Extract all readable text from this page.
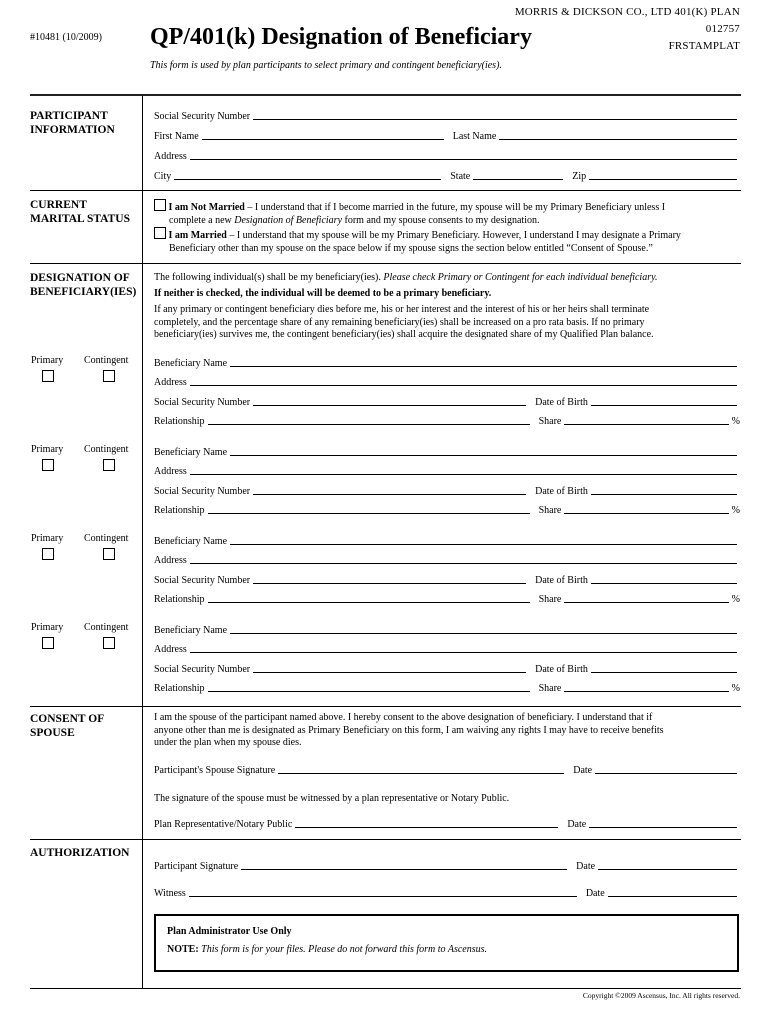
MORRIS & DICKSON CO., LTD 401(K) PLAN
012757
FRSTAMPLAT
#10481 (10/2009) QP/401(k) Designation of Beneficiary
This form is used by plan participants to select primary and contingent beneficiary(ies).
PARTICIPANT
INFORMATION
Social Security Number
First Name	Last Name
Address
City	State	Zip
CURRENT
MARITAL STATUS
I am Not Married – I understand that if I become married in the future, my spouse will be my Primary Beneficiary unless I
complete a new Designation of Beneficiary form and my spouse consents to my designation.
I am Married – I understand that my spouse will be my Primary Beneficiary. However, I understand I may designate a Primary
Beneficiary other than my spouse on the space below if my spouse signs the section below entitled “Consent of Spouse.”
DESIGNATION OF
BENEFICIARY(IES)
The following individual(s) shall be my beneficiary(ies). Please check Primary or Contingent for each individual beneficiary.
If neither is checked, the individual will be deemed to be a primary beneficiary.
If any primary or contingent beneficiary dies before me, his or her interest and the interest of his or her heirs shall terminate
completely, and the percentage share of any remaining beneficiary(ies) shall be increased on a pro rata basis. If no primary
beneficiary(ies) survives me, the contingent beneficiary(ies) shall acquire the designated share of my Qualified Plan balance.
Primary Contingent	Beneficiary Name
Address
Social Security Number	Date of Birth
Relationship	Share	%
Primary Contingent	Beneficiary Name
Address
Social Security Number	Date of Birth
Relationship	Share	%
Primary Contingent	Beneficiary Name
Address
Social Security Number	Date of Birth
Relationship	Share	%
Primary Contingent	Beneficiary Name
Address
Social Security Number	Date of Birth
Relationship	Share	%
CONSENT OF
SPOUSE
I am the spouse of the participant named above. I hereby consent to the above designation of beneficiary. I understand that if
anyone other than me is designated as Primary Beneficiary on this form, I am waiving any rights I may have to receive benefits
under the plan when my spouse dies.
Participant's Spouse Signature	Date
The signature of the spouse must be witnessed by a plan representative or Notary Public.
Plan Representative/Notary Public	Date
AUTHORIZATION
Participant Signature	Date
Witness	Date
Plan Administrator Use Only
NOTE: This form is for your files. Please do not forward this form to Ascensus.
Copyright ©2009 Ascensus, Inc. All rights reserved.
